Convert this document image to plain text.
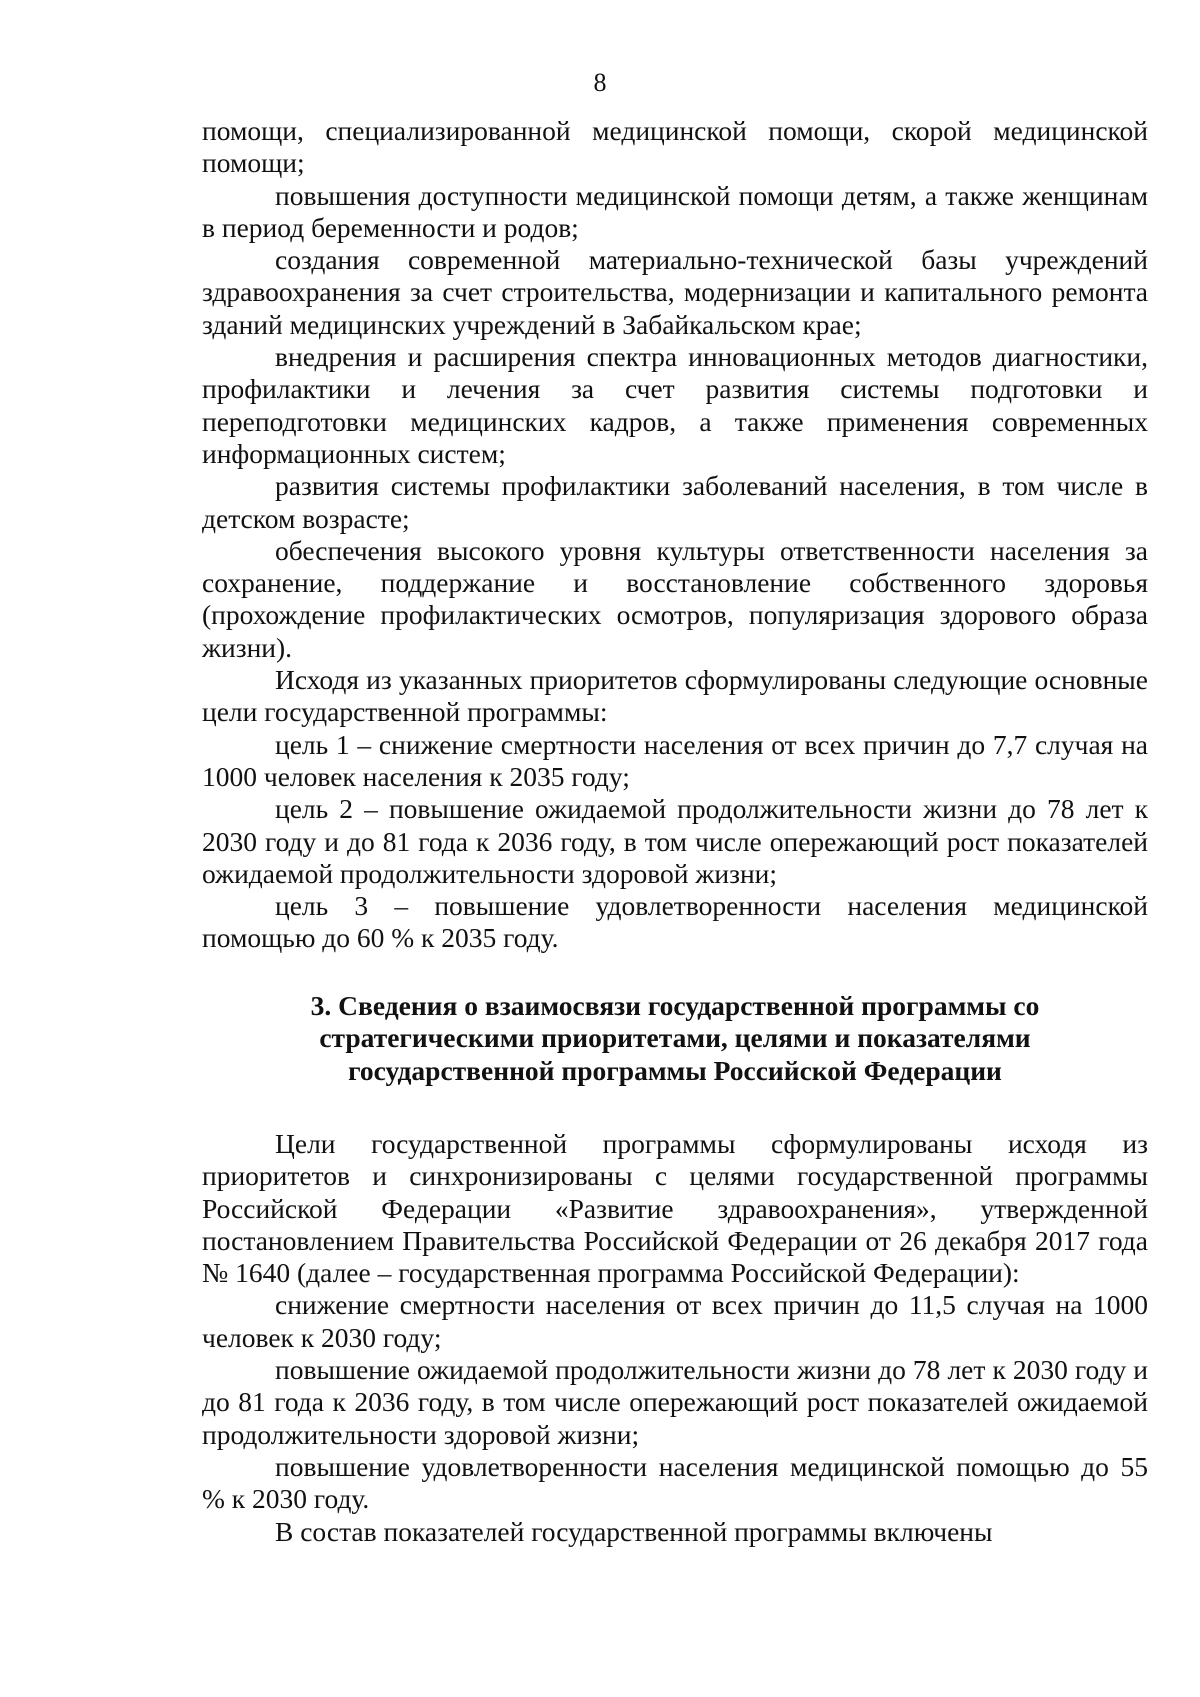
8

помощи, специализированной медицинской помощи, скорой медицинской помощи;

повышения доступности медицинской помощи детям, а также женщинам в период беременности и родов;

создания современной материально-технической базы учреждений здравоохранения за счет строительства, модернизации и капитального ремонта зданий медицинских учреждений в Забайкальском крае;

внедрения и расширения спектра инновационных методов диагностики, профилактики и лечения за счет развития системы подготовки и переподготовки медицинских кадров, а также применения современных информационных систем;

развития системы профилактики заболеваний населения, в том числе в детском возрасте;

обеспечения высокого уровня культуры ответственности населения за сохранение, поддержание и восстановление собственного здоровья (прохождение профилактических осмотров, популяризация здорового образа жизни).

Исходя из указанных приоритетов сформулированы следующие основные цели государственной программы:

цель 1 – снижение смертности населения от всех причин до 7,7 случая на 1000 человек населения к 2035 году;

цель 2 – повышение ожидаемой продолжительности жизни до 78 лет к 2030 году и до 81 года к 2036 году, в том числе опережающий рост показателей ожидаемой продолжительности здоровой жизни;

цель 3 – повышение удовлетворенности населения медицинской помощью до 60 % к 2035 году.

3. Сведения о взаимосвязи государственной программы со
стратегическими приоритетами, целями и показателями
государственной программы Российской Федерации

Цели государственной программы сформулированы исходя из приоритетов и синхронизированы с целями государственной программы Российской Федерации «Развитие здравоохранения», утвержденной постановлением Правительства Российской Федерации от 26 декабря 2017 года № 1640 (далее – государственная программа Российской Федерации):

снижение смертности населения от всех причин до 11,5 случая на 1000 человек к 2030 году;

повышение ожидаемой продолжительности жизни до 78 лет к 2030 году и до 81 года к 2036 году, в том числе опережающий рост показателей ожидаемой продолжительности здоровой жизни;

повышение удовлетворенности населения медицинской помощью до 55 % к 2030 году.

В состав показателей государственной программы включены
